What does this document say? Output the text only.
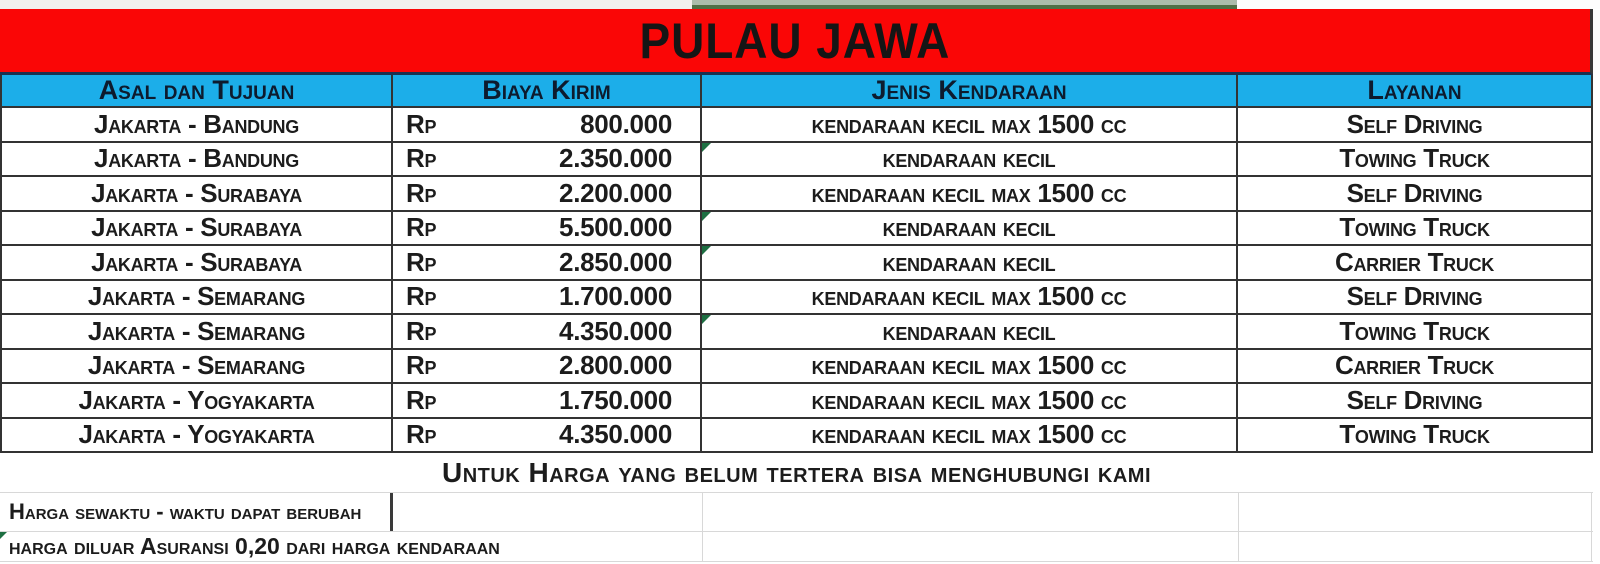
PULAU JAWA
Asal dan Tujuan	Biaya Kirim	Jenis Kendaraan	Layanan
Jakarta - Bandung	Rp	800.000	kendaraan kecil max 1500 cc	Self Driving
Jakarta - Bandung	Rp	2.350.000	kendaraan kecil	Towing Truck
Jakarta - Surabaya	Rp	2.200.000	kendaraan kecil max 1500 cc	Self Driving
Jakarta - Surabaya	Rp	5.500.000	kendaraan kecil	Towing Truck
Jakarta - Surabaya	Rp	2.850.000	kendaraan kecil	Carrier Truck
Jakarta - Semarang	Rp	1.700.000	kendaraan kecil max 1500 cc	Self Driving
Jakarta - Semarang	Rp	4.350.000	kendaraan kecil	Towing Truck
Jakarta - Semarang	Rp	2.800.000	kendaraan kecil max 1500 cc	Carrier Truck
Jakarta - Yogyakarta	Rp	1.750.000	kendaraan kecil max 1500 cc	Self Driving
Jakarta - Yogyakarta	Rp	4.350.000	kendaraan kecil max 1500 cc	Towing Truck
Untuk Harga yang belum tertera bisa menghubungi kami
Harga sewaktu - waktu dapat berubah
harga diluar Asuransi 0,20 dari harga kendaraan
